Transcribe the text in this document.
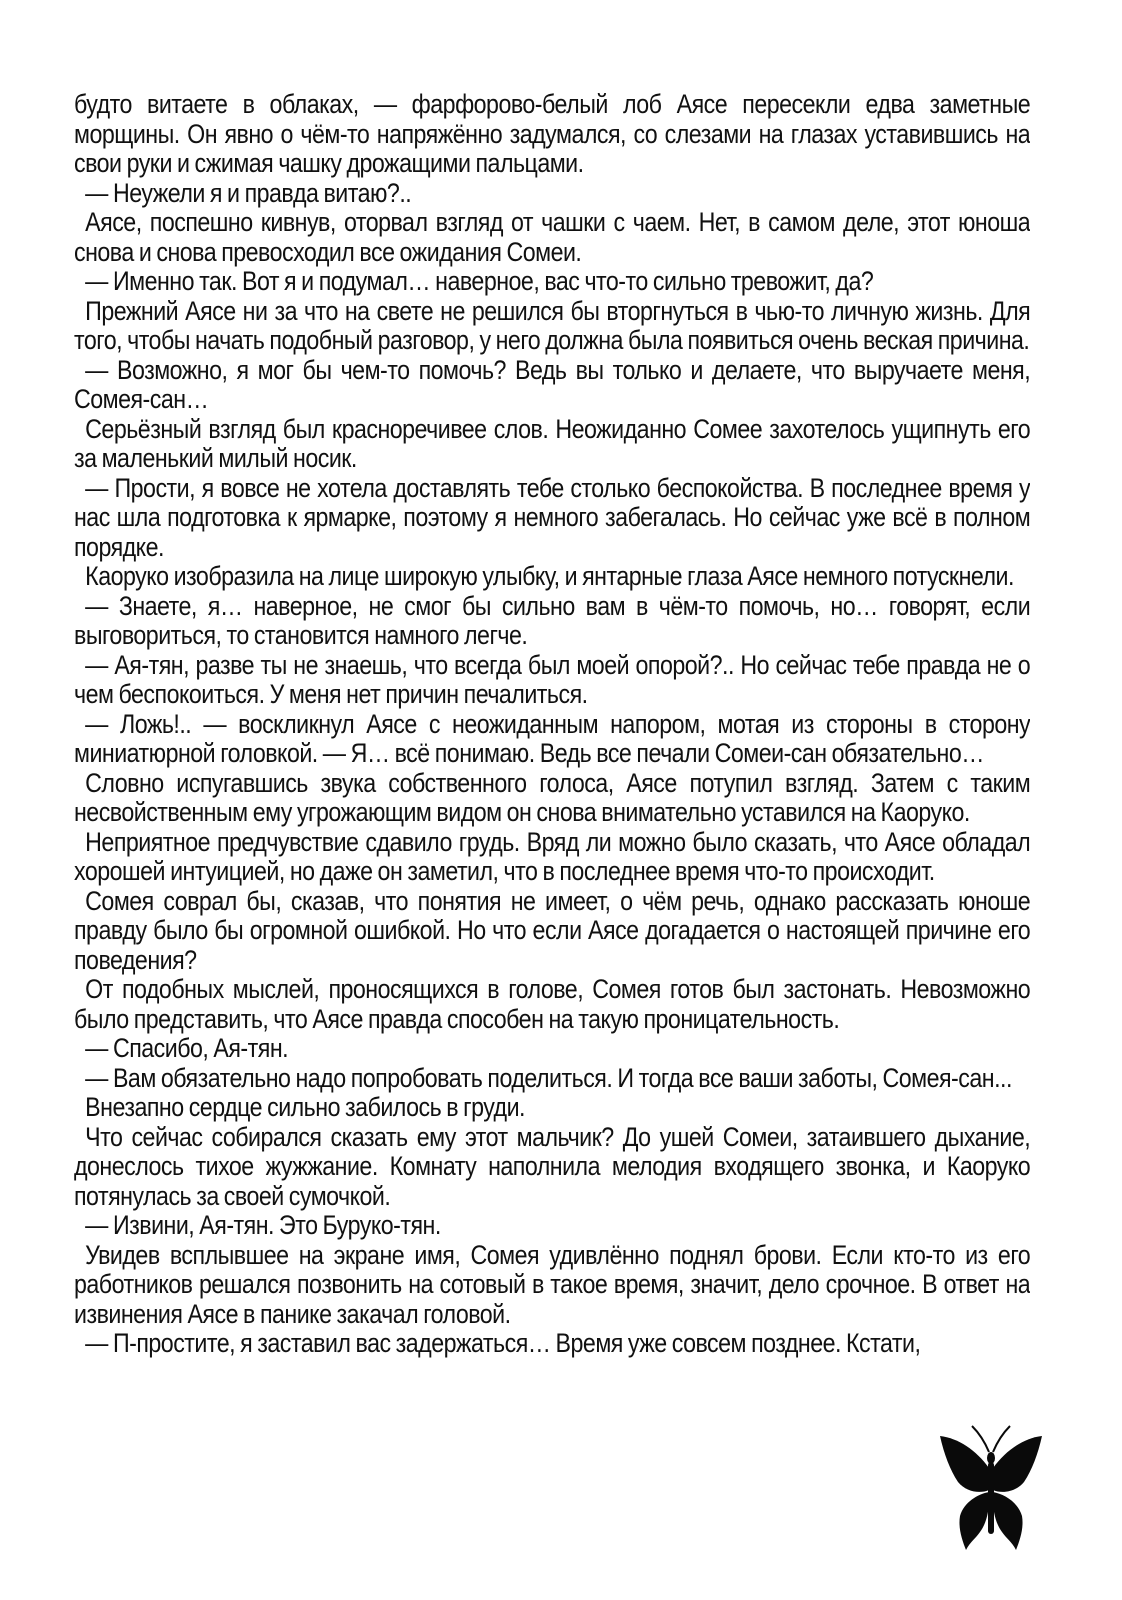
будто витаете в облаках, — фарфорово-белый лоб Аясе пересекли едва заметные морщины. Он явно о чём-то напряжённо задумался, со слезами на глазах уставившись на свои руки и сжимая чашку дрожащими пальцами.

— Неужели я и правда витаю?..

Аясе, поспешно кивнув, оторвал взгляд от чашки с чаем. Нет, в самом деле, этот юноша снова и снова превосходил все ожидания Сомеи.

— Именно так. Вот я и подумал… наверное, вас что-то сильно тревожит, да?

Прежний Аясе ни за что на свете не решился бы вторгнуться в чью-то личную жизнь. Для того, чтобы начать подобный разговор, у него должна была появиться очень веская причина.

— Возможно, я мог бы чем-то помочь? Ведь вы только и делаете, что выручаете меня, Сомея-сан…

Серьёзный взгляд был красноречивее слов. Неожиданно Сомее захотелось ущипнуть его за маленький милый носик.

— Прости, я вовсе не хотела доставлять тебе столько беспокойства. В последнее время у нас шла подготовка к ярмарке, поэтому я немного забегалась. Но сейчас уже всё в полном порядке.

Каоруко изобразила на лице широкую улыбку, и янтарные глаза Аясе немного потускнели.

— Знаете, я… наверное, не смог бы сильно вам в чём-то помочь, но… говорят, если выговориться, то становится намного легче.

— Ая-тян, разве ты не знаешь, что всегда был моей опорой?.. Но сейчас тебе правда не о чем беспокоиться. У меня нет причин печалиться.

— Ложь!.. — воскликнул Аясе с неожиданным напором, мотая из стороны в сторону миниатюрной головкой. — Я… всё понимаю. Ведь все печали Сомеи-сан обязательно…

Словно испугавшись звука собственного голоса, Аясе потупил взгляд. Затем с таким несвойственным ему угрожающим видом он снова внимательно уставился на Каоруко.

Неприятное предчувствие сдавило грудь. Вряд ли можно было сказать, что Аясе обладал хорошей интуицией, но даже он заметил, что в последнее время что-то происходит.

Сомея соврал бы, сказав, что понятия не имеет, о чём речь, однако рассказать юноше правду было бы огромной ошибкой. Но что если Аясе догадается о настоящей причине его поведения?

От подобных мыслей, проносящихся в голове, Сомея готов был застонать. Невозможно было представить, что Аясе правда способен на такую проницательность.

— Спасибо, Ая-тян.

— Вам обязательно надо попробовать поделиться. И тогда все ваши заботы, Сомея-сан...

Внезапно сердце сильно забилось в груди.

Что сейчас собирался сказать ему этот мальчик? До ушей Сомеи, затаившего дыхание, донеслось тихое жужжание. Комнату наполнила мелодия входящего звонка, и Каоруко потянулась за своей сумочкой.

— Извини, Ая-тян. Это Буруко-тян.

Увидев всплывшее на экране имя, Сомея удивлённо поднял брови. Если кто-то из его работников решался позвонить на сотовый в такое время, значит, дело срочное. В ответ на извинения Аясе в панике закачал головой.

— П-простите, я заставил вас задержаться… Время уже совсем позднее. Кстати,
